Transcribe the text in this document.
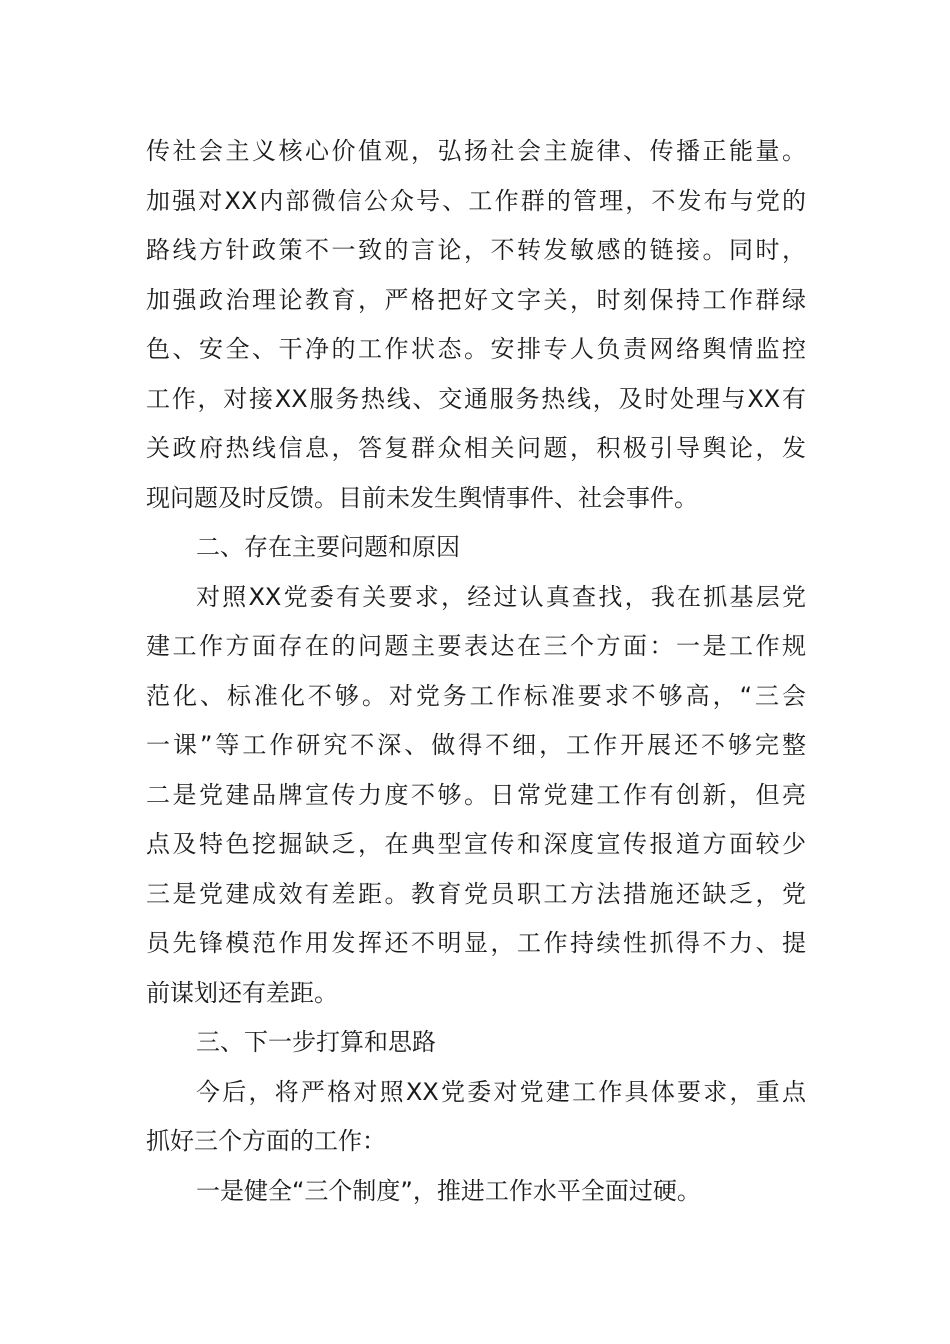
传社会主义核心价值观，弘扬社会主旋律、传播正能量。
加强对XX内部微信公众号、工作群的管理，不发布与党的
路线方针政策不一致的言论，不转发敏感的链接。同时，
加强政治理论教育，严格把好文字关，时刻保持工作群绿
色、安全、干净的工作状态。安排专人负责网络舆情监控
工作，对接XX服务热线、交通服务热线，及时处理与XX有
关政府热线信息，答复群众相关问题，积极引导舆论，发
现问题及时反馈。目前未发生舆情事件、社会事件。
二、存在主要问题和原因
对照XX党委有关要求，经过认真查找，我在抓基层党
建工作方面存在的问题主要表达在三个方面：一是工作规
范化、标准化不够。对党务工作标准要求不够高，“三会
一课”等工作研究不深、做得不细，工作开展还不够完整
二是党建品牌宣传力度不够。日常党建工作有创新，但亮
点及特色挖掘缺乏，在典型宣传和深度宣传报道方面较少
三是党建成效有差距。教育党员职工方法措施还缺乏，党
员先锋模范作用发挥还不明显，工作持续性抓得不力、提
前谋划还有差距。
三、下一步打算和思路
今后，将严格对照XX党委对党建工作具体要求，重点
抓好三个方面的工作：
一是健全“三个制度”，推进工作水平全面过硬。
